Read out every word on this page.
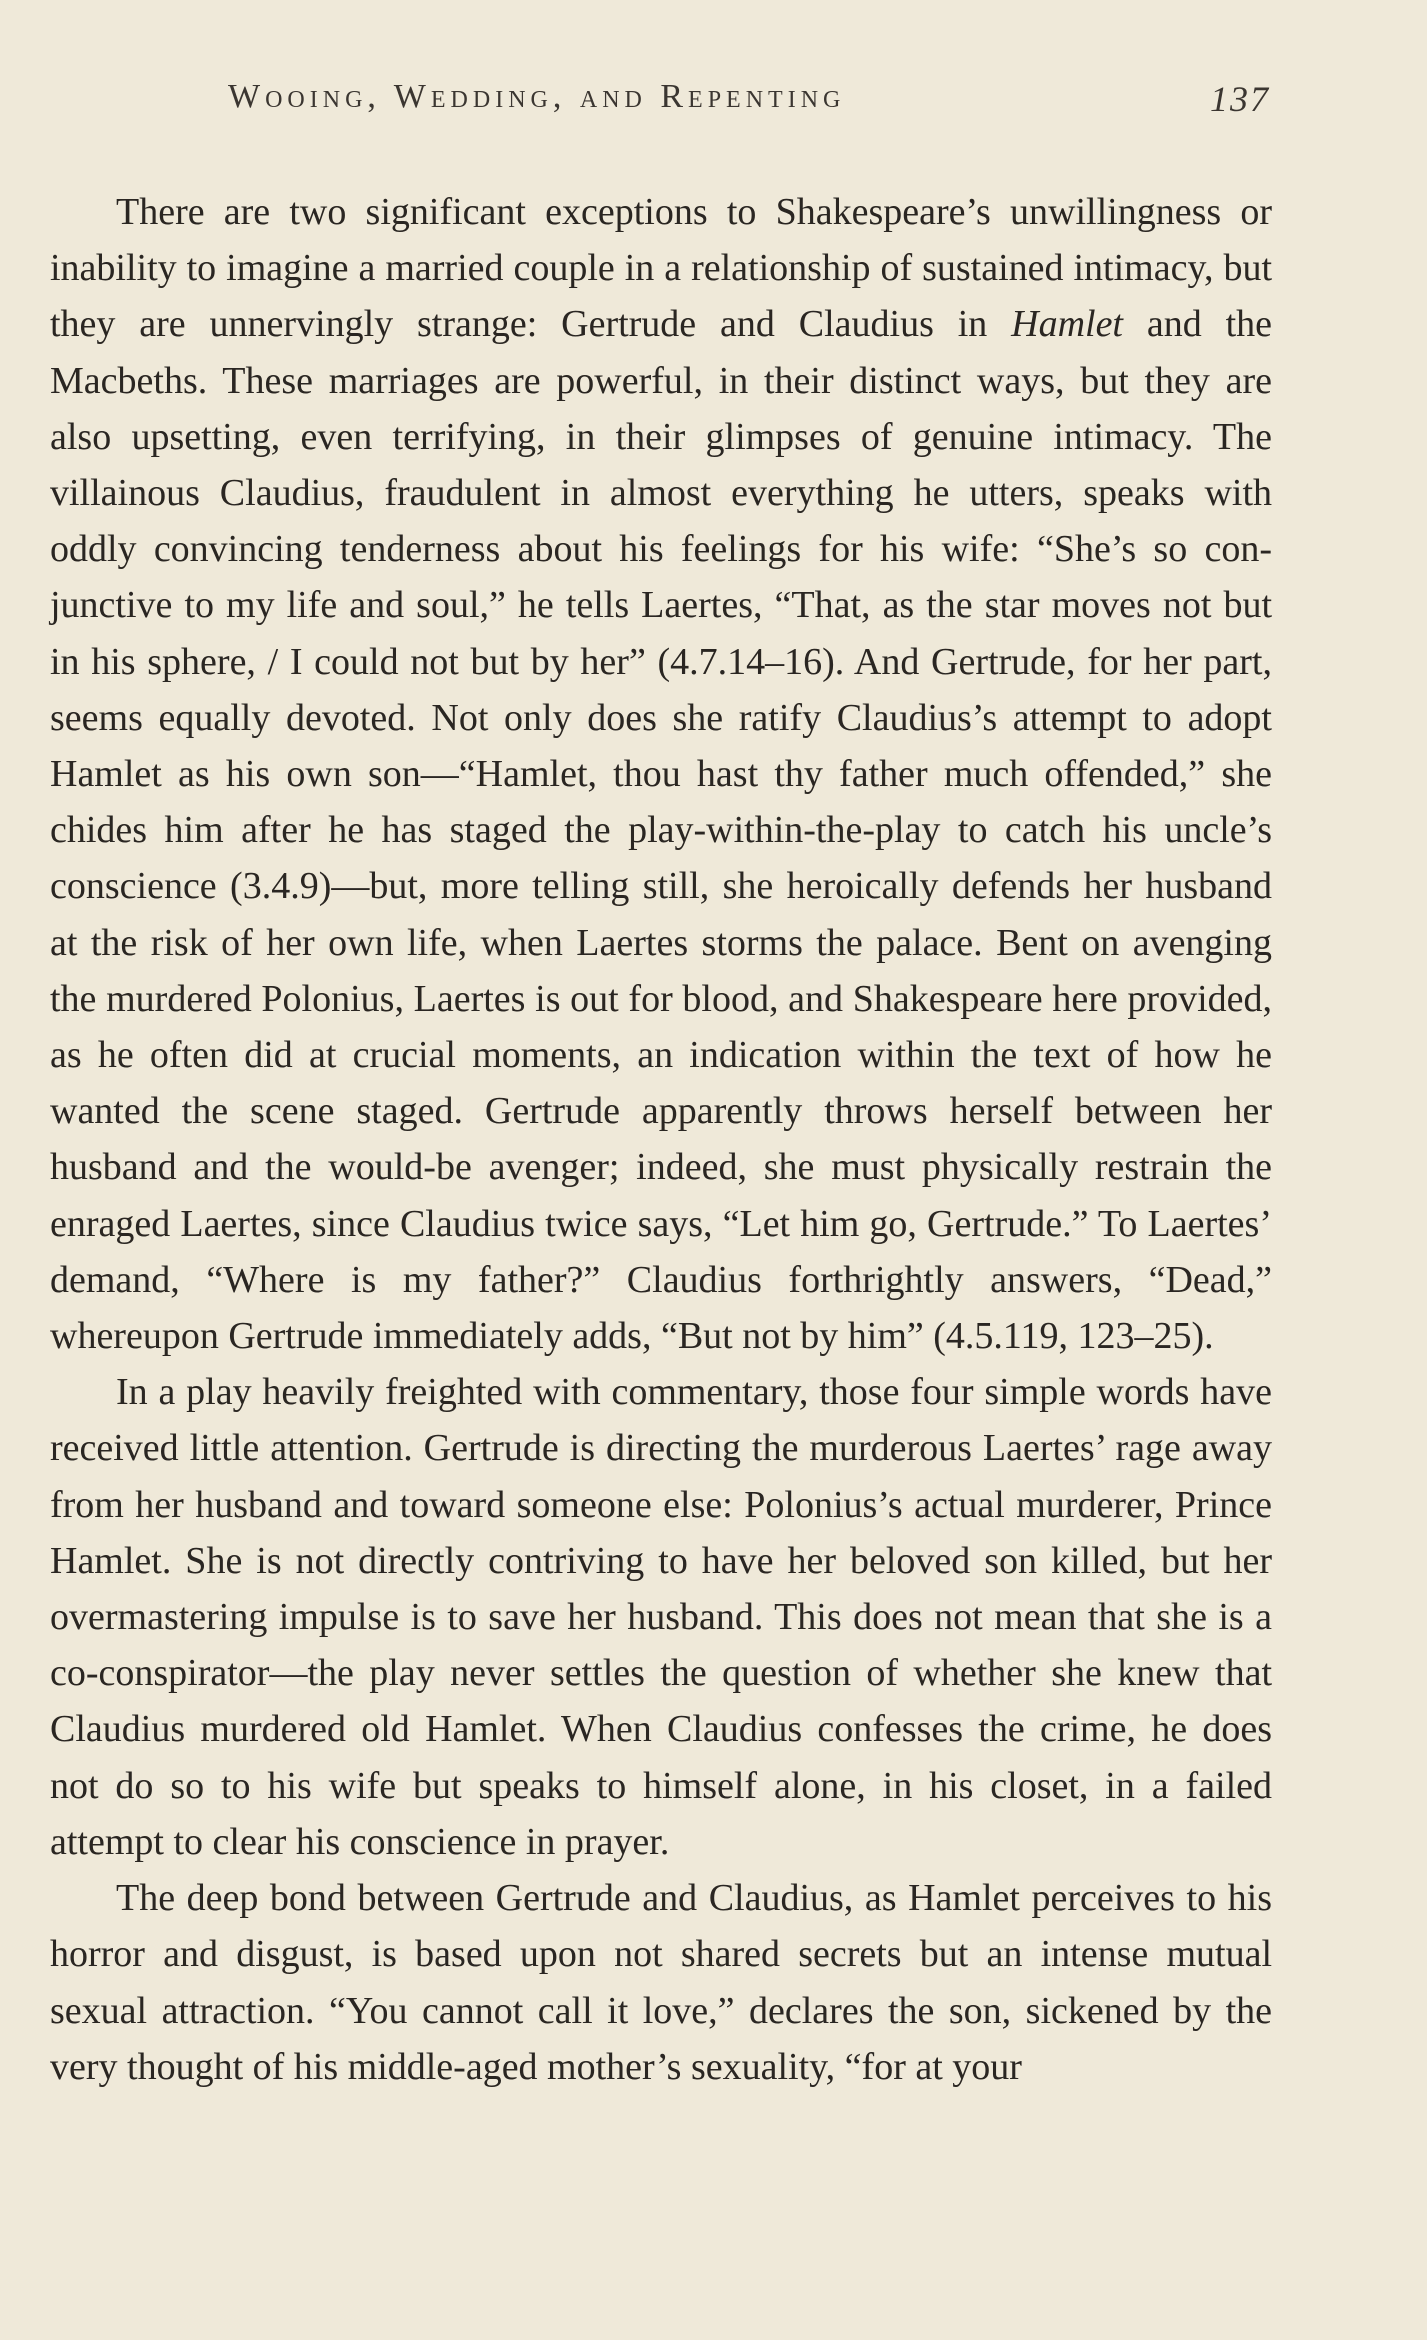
Wooing, Wedding, and Repenting	137

There are two significant exceptions to Shakespeare’s unwillingness or inability to imagine a married couple in a relationship of sustained intimacy, but they are unnervingly strange: Gertrude and Claudius in Hamlet and the Macbeths. These marriages are powerful, in their distinct ways, but they are also upsetting, even terrifying, in their glimpses of genuine intimacy. The villainous Claudius, fraudulent in almost everything he utters, speaks with oddly convincing tenderness about his feelings for his wife: “She’s so conjunctive to my life and soul,” he tells Laertes, “That, as the star moves not but in his sphere, / I could not but by her” (4.7.14–16). And Gertrude, for her part, seems equally devoted. Not only does she ratify Claudius’s attempt to adopt Hamlet as his own son—“Hamlet, thou hast thy father much offended,” she chides him after he has staged the play-within-the-play to catch his uncle’s conscience (3.4.9)—but, more telling still, she heroically defends her husband at the risk of her own life, when Laertes storms the palace. Bent on avenging the murdered Polonius, Laertes is out for blood, and Shakespeare here provided, as he often did at crucial moments, an indication within the text of how he wanted the scene staged. Gertrude apparently throws herself between her husband and the would-be avenger; indeed, she must physically restrain the enraged Laertes, since Claudius twice says, “Let him go, Gertrude.” To Laertes’ demand, “Where is my father?” Claudius forthrightly answers, “Dead,” whereupon Gertrude immediately adds, “But not by him” (4.5.119, 123–25).

In a play heavily freighted with commentary, those four simple words have received little attention. Gertrude is directing the murderous Laertes’ rage away from her husband and toward someone else: Polonius’s actual murderer, Prince Hamlet. She is not directly contriving to have her beloved son killed, but her overmastering impulse is to save her husband. This does not mean that she is a co-conspirator—the play never settles the question of whether she knew that Claudius murdered old Hamlet. When Claudius confesses the crime, he does not do so to his wife but speaks to himself alone, in his closet, in a failed attempt to clear his conscience in prayer.

The deep bond between Gertrude and Claudius, as Hamlet perceives to his horror and disgust, is based upon not shared secrets but an intense mutual sexual attraction. “You cannot call it love,” declares the son, sickened by the very thought of his middle-aged mother’s sexuality, “for at your
